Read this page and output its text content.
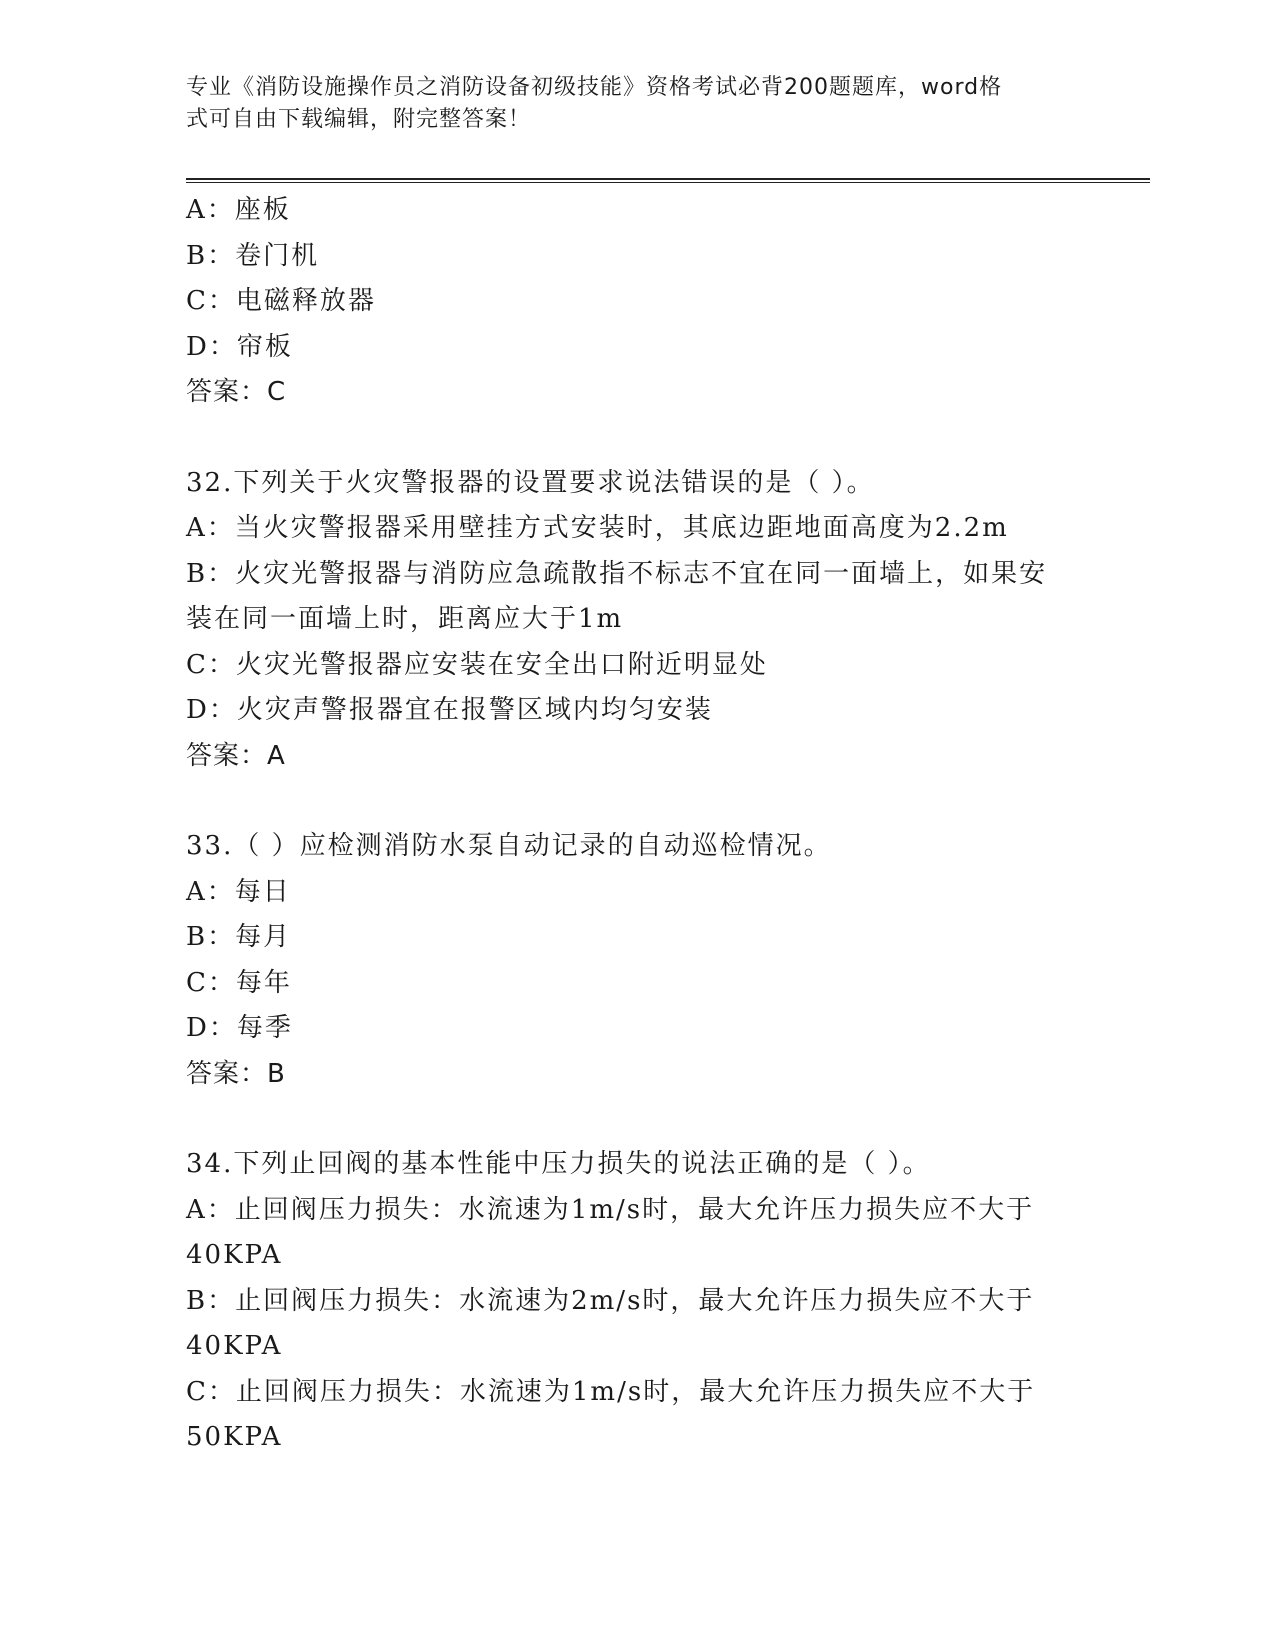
专业《消防设施操作员之消防设备初级技能》资格考试必背200题题库，word格
式可自由下载编辑，附完整答案！
A：座板
B：卷门机
C：电磁释放器
D：帘板
答案：C
32.下列关于火灾警报器的设置要求说法错误的是（ ）。
A：当火灾警报器采用壁挂方式安装时，其底边距地面高度为2.2m
B：火灾光警报器与消防应急疏散指不标志不宜在同一面墙上，如果安
装在同一面墙上时，距离应大于1m
C：火灾光警报器应安装在安全出口附近明显处
D：火灾声警报器宜在报警区域内均匀安装
答案：A
33.（ ）应检测消防水泵自动记录的自动巡检情况。
A：每日
B：每月
C：每年
D：每季
答案：B
34.下列止回阀的基本性能中压力损失的说法正确的是（ ）。
A：止回阀压力损失：水流速为1m/s时，最大允许压力损失应不大于
40KPA
B：止回阀压力损失：水流速为2m/s时，最大允许压力损失应不大于
40KPA
C：止回阀压力损失：水流速为1m/s时，最大允许压力损失应不大于
50KPA
